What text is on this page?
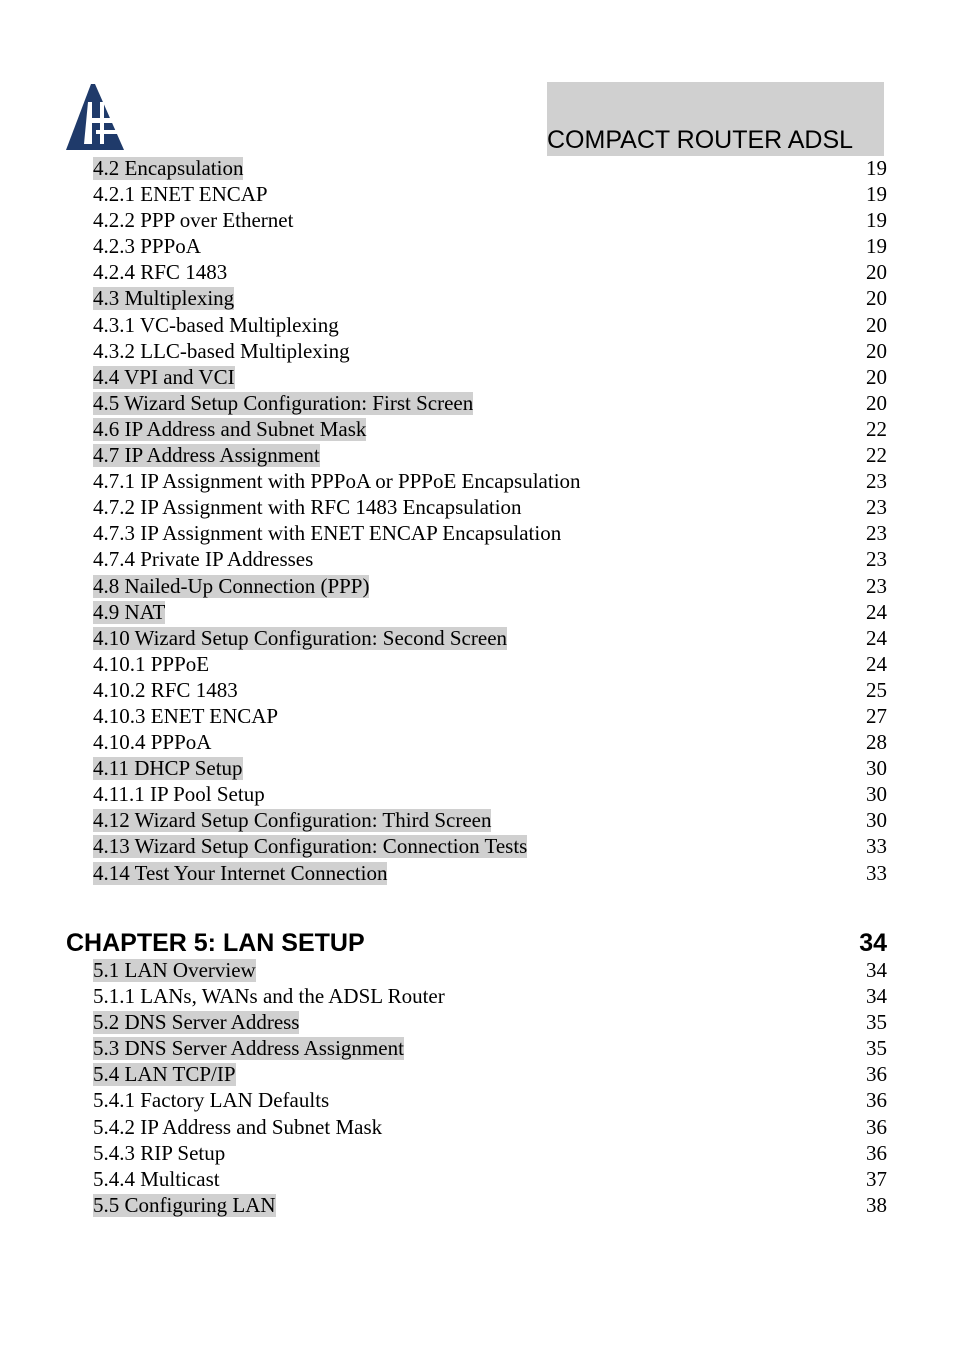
COMPACT ROUTER ADSL
4.2 Encapsulation	19
4.2.1 ENET ENCAP	19
4.2.2 PPP over Ethernet	19
4.2.3 PPPoA	19
4.2.4 RFC 1483	20
4.3 Multiplexing	20
4.3.1 VC-based Multiplexing	20
4.3.2 LLC-based Multiplexing	20
4.4 VPI and VCI	20
4.5 Wizard Setup Configuration: First Screen	20
4.6 IP Address and Subnet Mask	22
4.7 IP Address Assignment	22
4.7.1 IP Assignment with PPPoA or PPPoE Encapsulation	23
4.7.2 IP Assignment with RFC 1483 Encapsulation	23
4.7.3 IP Assignment with ENET ENCAP Encapsulation	23
4.7.4 Private IP Addresses	23
4.8 Nailed-Up Connection (PPP)	23
4.9 NAT	24
4.10 Wizard Setup Configuration: Second Screen	24
4.10.1 PPPoE	24
4.10.2 RFC 1483	25
4.10.3 ENET ENCAP	27
4.10.4 PPPoA	28
4.11 DHCP Setup	30
4.11.1 IP Pool Setup	30
4.12 Wizard Setup Configuration: Third Screen	30
4.13 Wizard Setup Configuration: Connection Tests	33
4.14 Test Your Internet Connection	33
CHAPTER 5: LAN SETUP	34
5.1 LAN Overview	34
5.1.1 LANs, WANs and the ADSL Router	34
5.2 DNS Server Address	35
5.3 DNS Server Address Assignment	35
5.4 LAN TCP/IP	36
5.4.1 Factory LAN Defaults	36
5.4.2 IP Address and Subnet Mask	36
5.4.3 RIP Setup	36
5.4.4 Multicast	37
5.5 Configuring LAN	38
